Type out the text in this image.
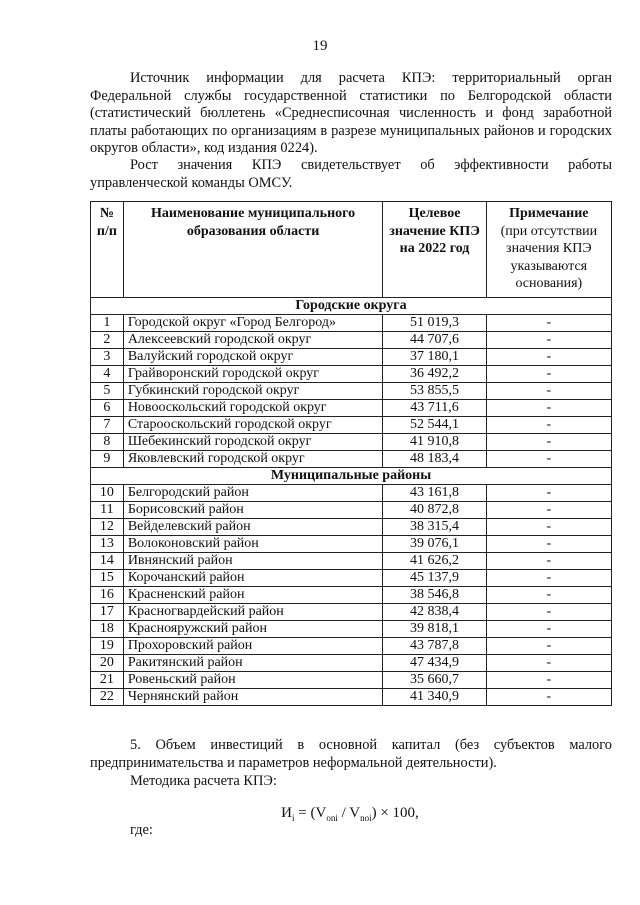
19

Источник информации для расчета КПЭ: территориальный орган Федеральной службы государственной статистики по Белгородской области (статистический бюллетень «Среднесписочная численность и фонд заработной платы работающих по организациям в разрезе муниципальных районов и городских округов области», код издания 0224).

Рост значения КПЭ свидетельствует об эффективности работы управленческой команды ОМСУ.

№ п/п	Наименование муниципального образования области	Целевое значение КПЭ на 2022 год	Примечание
(при отсутствии значения КПЭ указываются основания)
Городские округа			
1	Городской округ «Город Белгород»	51 019,3	-
2	Алексеевский городской округ	44 707,6	-
3	Валуйский городской округ	37 180,1	-
4	Грайворонский городской округ	36 492,2	-
5	Губкинский городской округ	53 855,5	-
6	Новооскольский городской округ	43 711,6	-
7	Старооскольский городской округ	52 544,1	-
8	Шебекинский городской округ	41 910,8	-
9	Яковлевский городской округ	48 183,4	-
Муниципальные районы			
10	Белгородский район	43 161,8	-
11	Борисовский район	40 872,8	-
12	Вейделевский район	38 315,4	-
13	Волоконовский район	39 076,1	-
14	Ивнянский район	41 626,2	-
15	Корочанский район	45 137,9	-
16	Красненский район	38 546,8	-
17	Красногвардейский район	42 838,4	-
18	Краснояружский район	39 818,1	-
19	Прохоровский район	43 787,8	-
20	Ракитянский район	47 434,9	-
21	Ровеньский район	35 660,7	-
22	Чернянский район	41 340,9	-

5. Объем инвестиций в основной капитал (без субъектов малого предпринимательства и параметров неформальной деятельности).

Методика расчета КПЭ:

$И_i = (V_{oni} / V_{noi}) \times 100$,
где:
